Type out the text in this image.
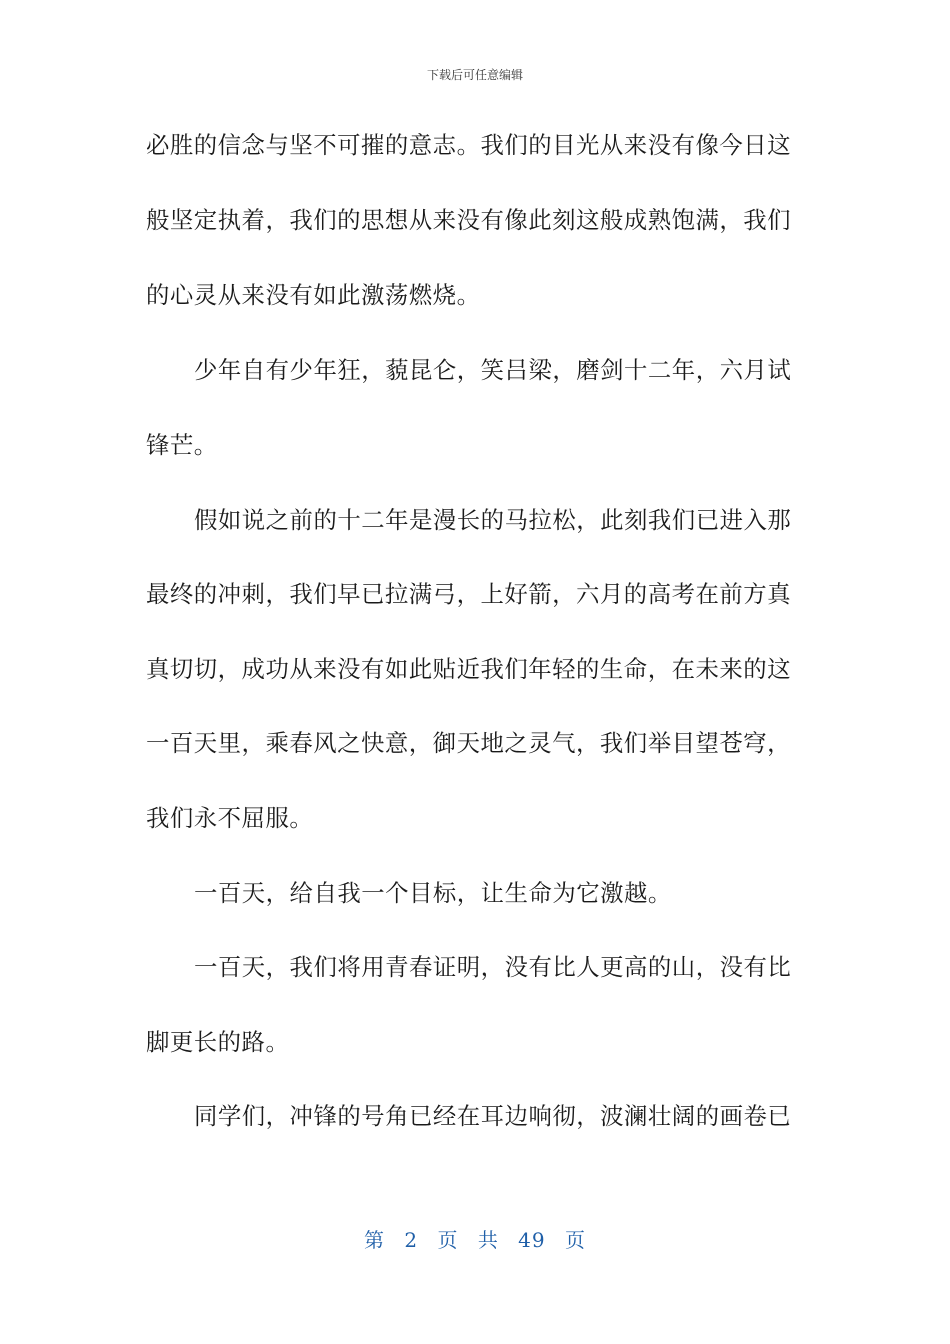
下载后可任意编辑
必胜的信念与坚不可摧的意志。我们的目光从来没有像今日这
般坚定执着，我们的思想从来没有像此刻这般成熟饱满，我们
的心灵从来没有如此激荡燃烧。
少年自有少年狂，藐昆仑，笑吕梁，磨剑十二年，六月试
锋芒。
假如说之前的十二年是漫长的马拉松，此刻我们已进入那
最终的冲刺，我们早已拉满弓，上好箭，六月的高考在前方真
真切切，成功从来没有如此贴近我们年轻的生命，在未来的这
一百天里，乘春风之快意，御天地之灵气，我们举目望苍穹，
我们永不屈服。
一百天，给自我一个目标，让生命为它激越。
一百天，我们将用青春证明，没有比人更高的山，没有比
脚更长的路。
同学们，冲锋的号角已经在耳边响彻，波澜壮阔的画卷已
第 2 页 共 49 页
